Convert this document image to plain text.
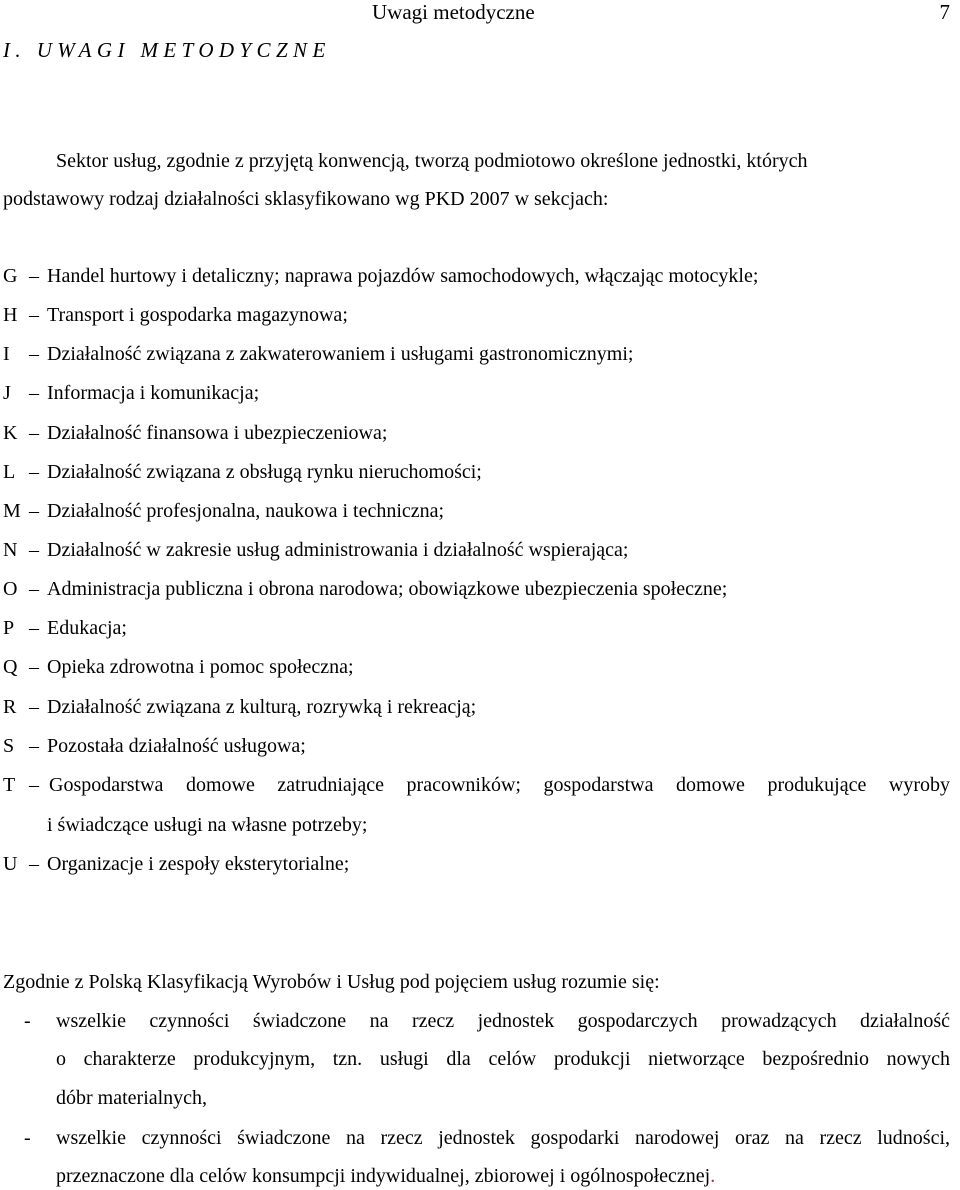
Uwagi metodyczne	7
I. UWAGI METODYCZNE
Sektor usług, zgodnie z przyjętą konwencją, tworzą podmiotowo określone jednostki, których
podstawowy rodzaj działalności sklasyfikowano wg PKD 2007 w sekcjach:
G – Handel hurtowy i detaliczny; naprawa pojazdów samochodowych, włączając motocykle;
H – Transport i gospodarka magazynowa;
I – Działalność związana z zakwaterowaniem i usługami gastronomicznymi;
J – Informacja i komunikacja;
K – Działalność finansowa i ubezpieczeniowa;
L – Działalność związana z obsługą rynku nieruchomości;
M – Działalność profesjonalna, naukowa i techniczna;
N – Działalność w zakresie usług administrowania i działalność wspierająca;
O – Administracja publiczna i obrona narodowa; obowiązkowe ubezpieczenia społeczne;
P – Edukacja;
Q – Opieka zdrowotna i pomoc społeczna;
R – Działalność związana z kulturą, rozrywką i rekreacją;
S – Pozostała działalność usługowa;
T – Gospodarstwa domowe zatrudniające pracowników; gospodarstwa domowe produkujące wyroby
i świadczące usługi na własne potrzeby;
U – Organizacje i zespoły eksterytorialne;
Zgodnie z Polską Klasyfikacją Wyrobów i Usług pod pojęciem usług rozumie się:
- wszelkie czynności świadczone na rzecz jednostek gospodarczych prowadzących działalność
o charakterze produkcyjnym, tzn. usługi dla celów produkcji nietworzące bezpośrednio nowych
dóbr materialnych,
- wszelkie czynności świadczone na rzecz jednostek gospodarki narodowej oraz na rzecz ludności,
przeznaczone dla celów konsumpcji indywidualnej, zbiorowej i ogólnospołecznej.
